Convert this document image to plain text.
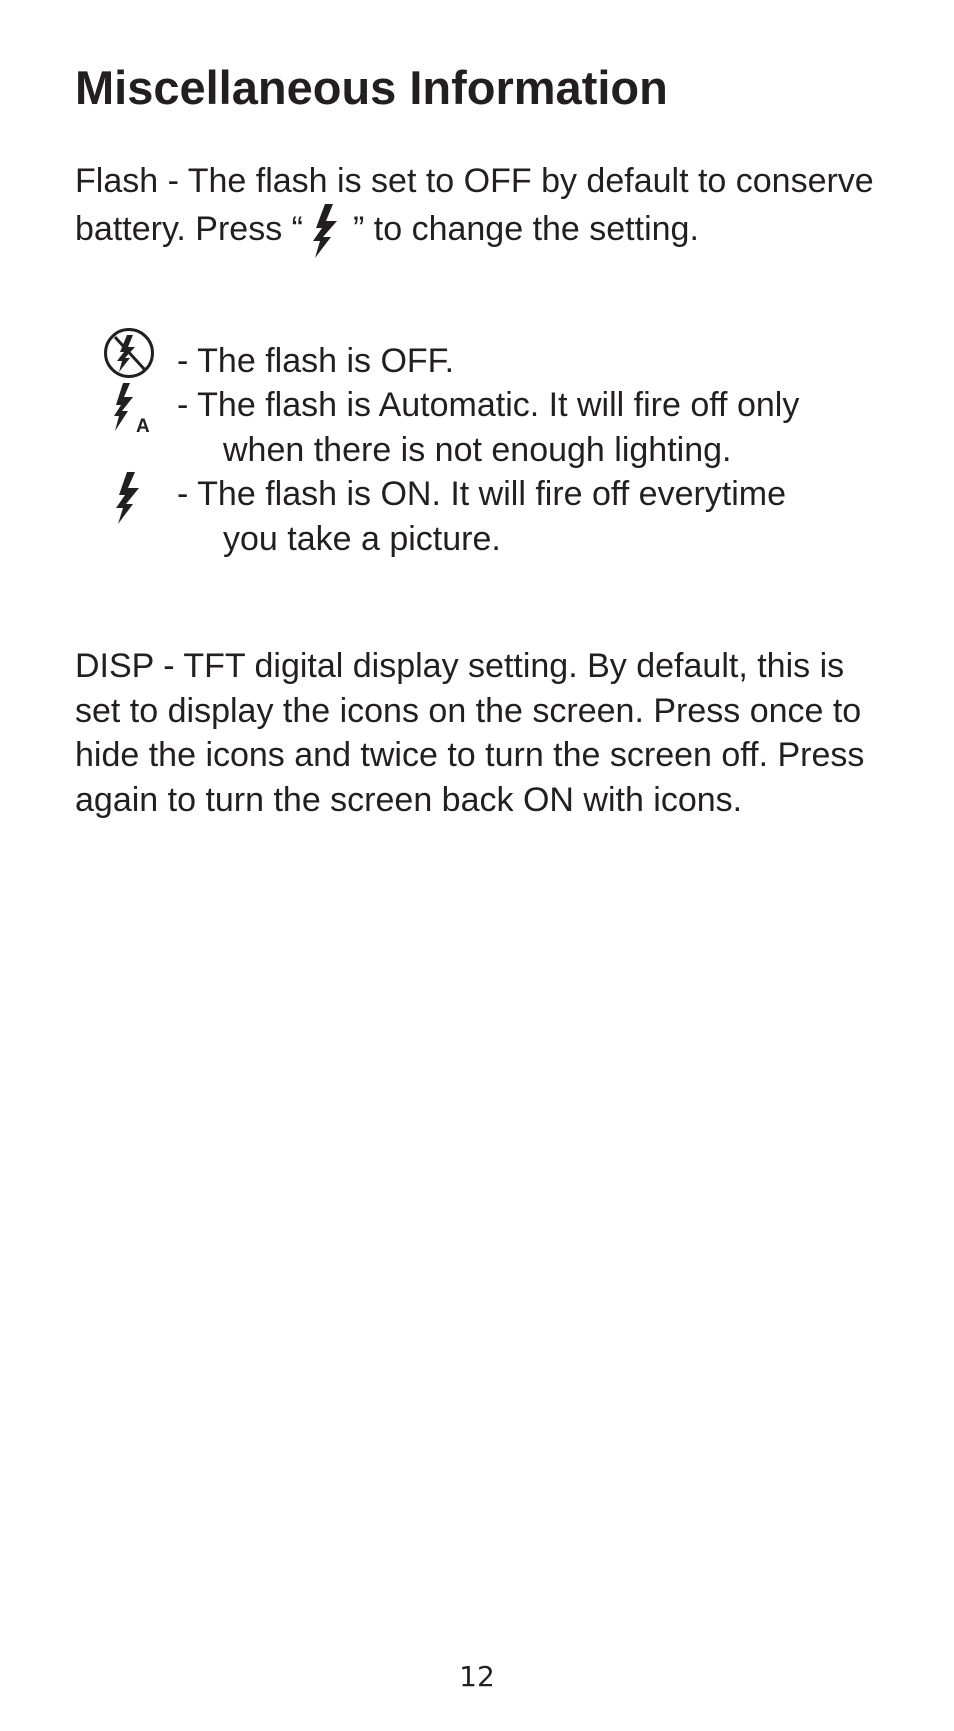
Miscellaneous Information

Flash - The flash is set to OFF by default to conserve battery. Press “ ” to change the setting.

- The flash is OFF.

A

- The flash is Automatic. It will fire off only
when there is not enough lighting.

- The flash is ON. It will fire off everytime
you take a picture.

DISP - TFT digital display setting. By default, this is set to display the icons on the screen. Press once to hide the icons and twice to turn the screen off. Press again to turn the screen back ON with icons.

12
